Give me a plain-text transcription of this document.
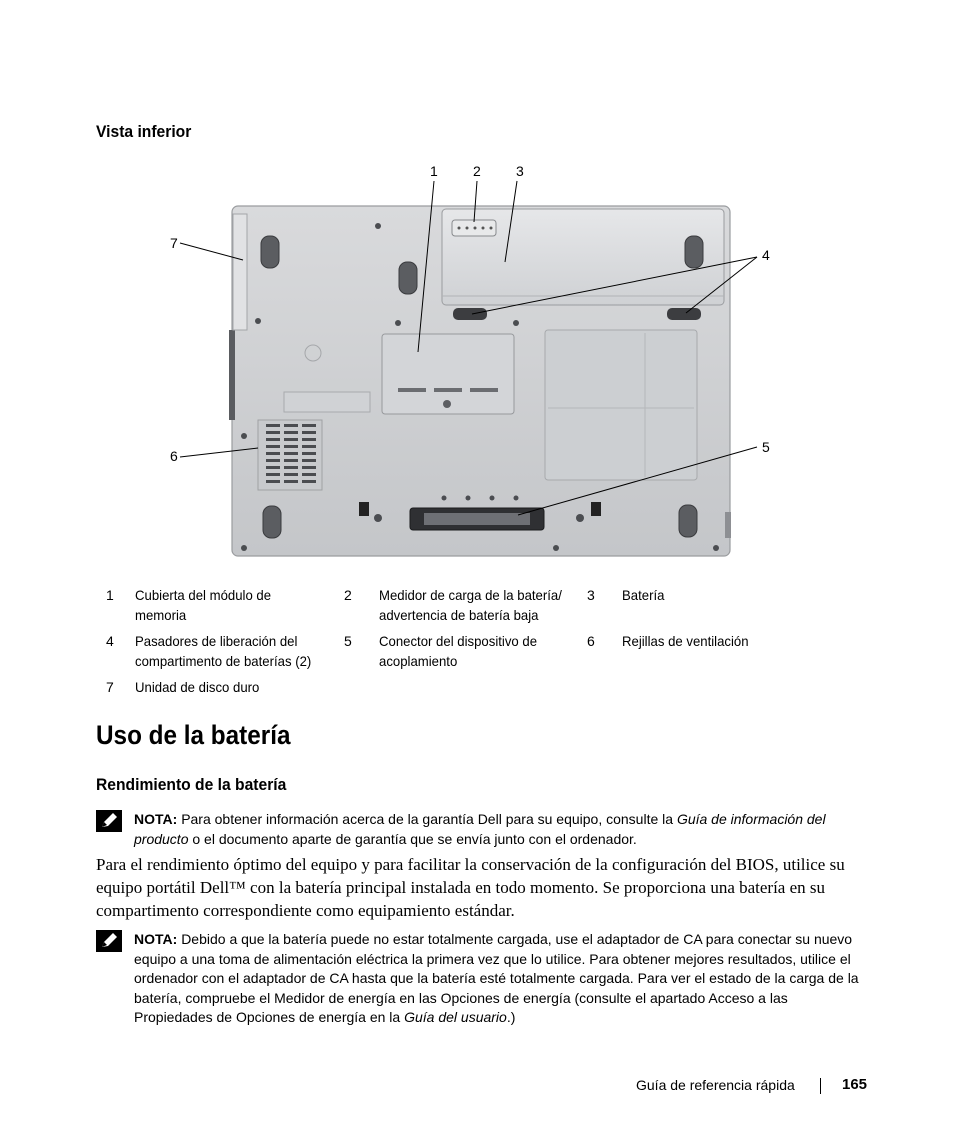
Vista inferior
1	2	3
4
5
6
7
1 Cubierta del módulo de memoria
2 Medidor de carga de la batería/ advertencia de batería baja
3 Batería
4 Pasadores de liberación del compartimento de baterías (2)
5 Conector del dispositivo de acoplamiento
6 Rejillas de ventilación
7 Unidad de disco duro
Uso de la batería
Rendimiento de la batería
NOTA: Para obtener información acerca de la garantía Dell para su equipo, consulte la Guía de información del producto o el documento aparte de garantía que se envía junto con el ordenador.

Para el rendimiento óptimo del equipo y para facilitar la conservación de la configuración del BIOS, utilice su equipo portátil Dell™ con la batería principal instalada en todo momento. Se proporciona una batería en su compartimento correspondiente como equipamiento estándar.

NOTA: Debido a que la batería puede no estar totalmente cargada, use el adaptador de CA para conectar su nuevo equipo a una toma de alimentación eléctrica la primera vez que lo utilice. Para obtener mejores resultados, utilice el ordenador con el adaptador de CA hasta que la batería esté totalmente cargada. Para ver el estado de la carga de la batería, compruebe el Medidor de energía en las Opciones de energía (consulte el apartado Acceso a las Propiedades de Opciones de energía en la Guía del usuario.)
Guía de referencia rápida	165
